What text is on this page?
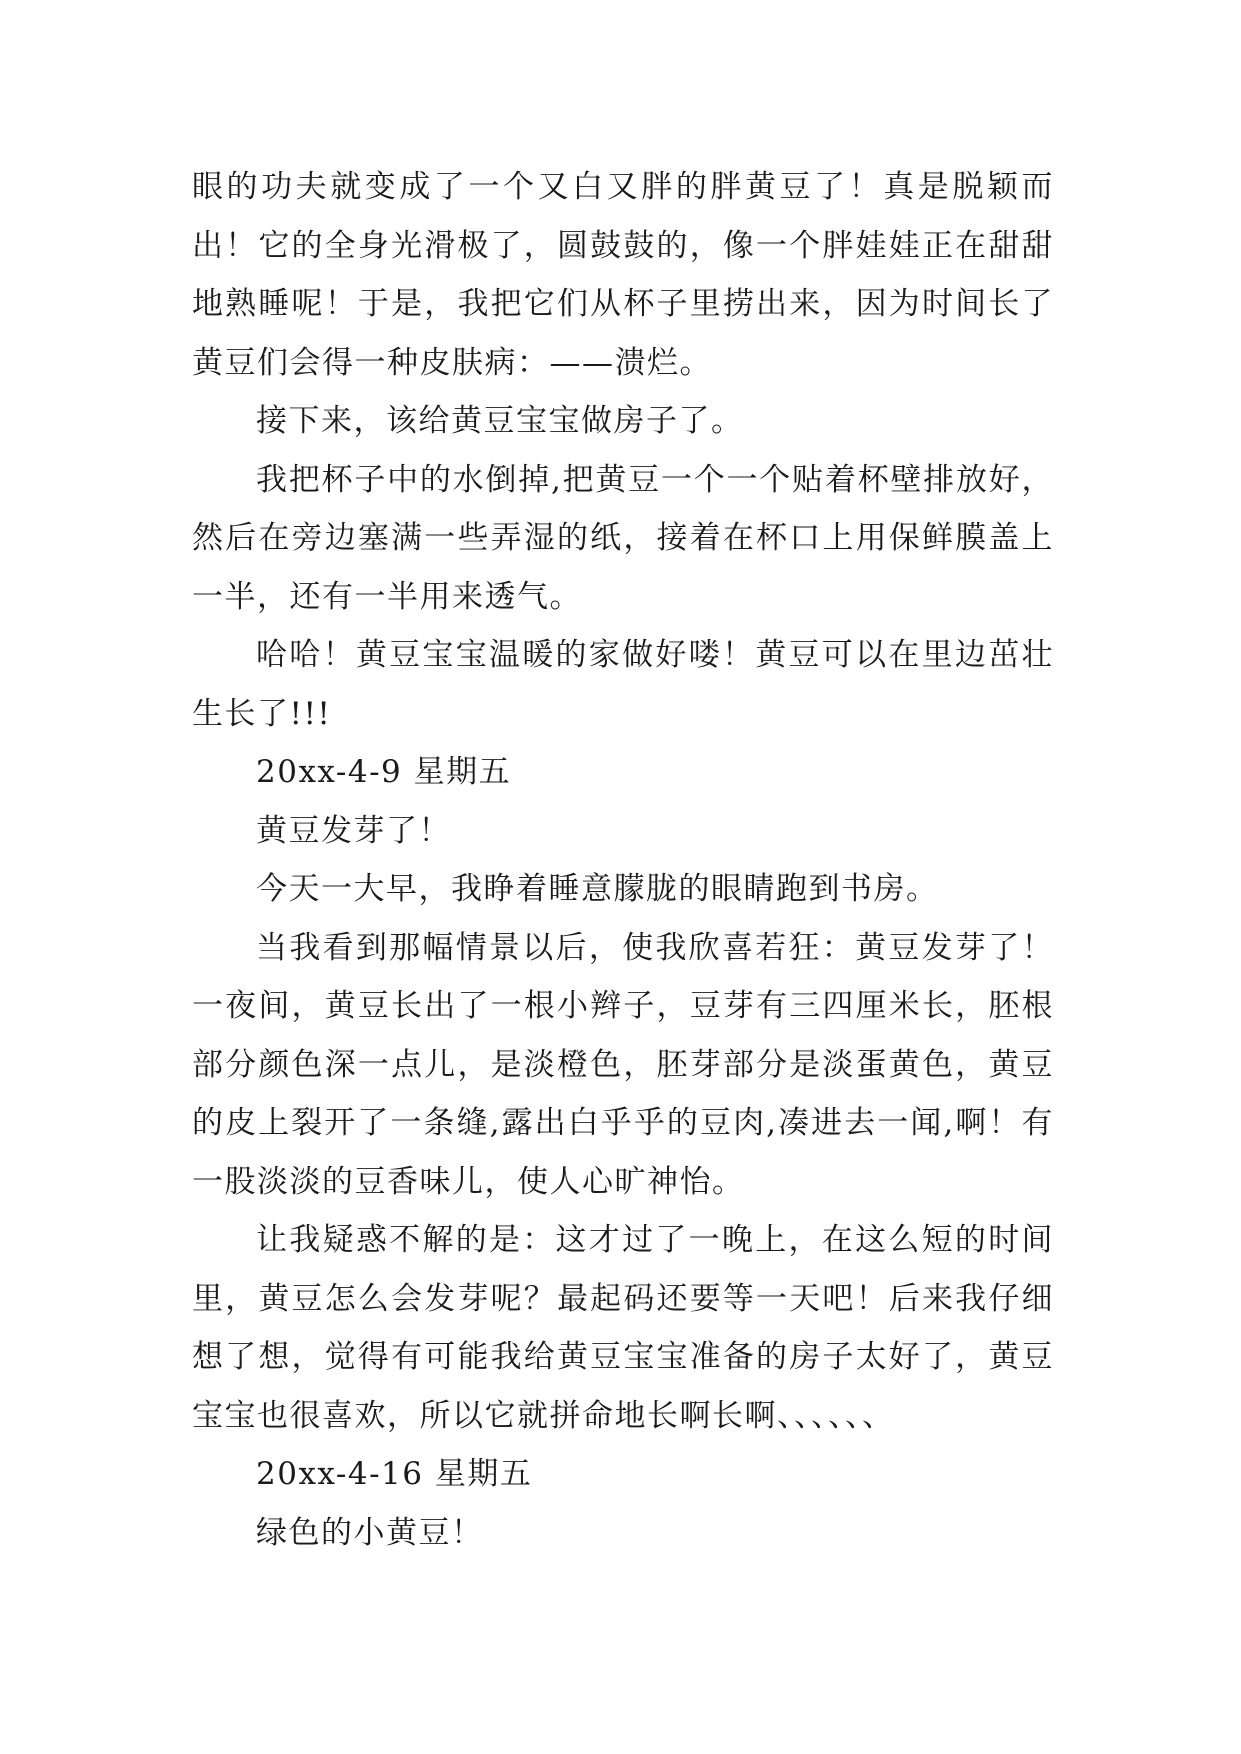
眼的功夫就变成了一个又白又胖的胖黄豆了！真是脱颖而出！它的全身光滑极了，圆鼓鼓的，像一个胖娃娃正在甜甜地熟睡呢！于是，我把它们从杯子里捞出来，因为时间长了黄豆们会得一种皮肤病：——溃烂。

接下来，该给黄豆宝宝做房子了。

我把杯子中的水倒掉,把黄豆一个一个贴着杯壁排放好，然后在旁边塞满一些弄湿的纸，接着在杯口上用保鲜膜盖上一半，还有一半用来透气。

哈哈！黄豆宝宝温暖的家做好喽！黄豆可以在里边茁壮生长了!!!

20xx-4-9 星期五

黄豆发芽了！

今天一大早，我睁着睡意朦胧的眼睛跑到书房。

当我看到那幅情景以后，使我欣喜若狂：黄豆发芽了！一夜间，黄豆长出了一根小辫子，豆芽有三四厘米长，胚根部分颜色深一点儿，是淡橙色，胚芽部分是淡蛋黄色，黄豆的皮上裂开了一条缝,露出白乎乎的豆肉,凑进去一闻,啊！有一股淡淡的豆香味儿，使人心旷神怡。

让我疑惑不解的是：这才过了一晚上，在这么短的时间里，黄豆怎么会发芽呢？最起码还要等一天吧！后来我仔细想了想，觉得有可能我给黄豆宝宝准备的房子太好了，黄豆宝宝也很喜欢，所以它就拼命地长啊长啊、、、、、、

20xx-4-16 星期五

绿色的小黄豆！
